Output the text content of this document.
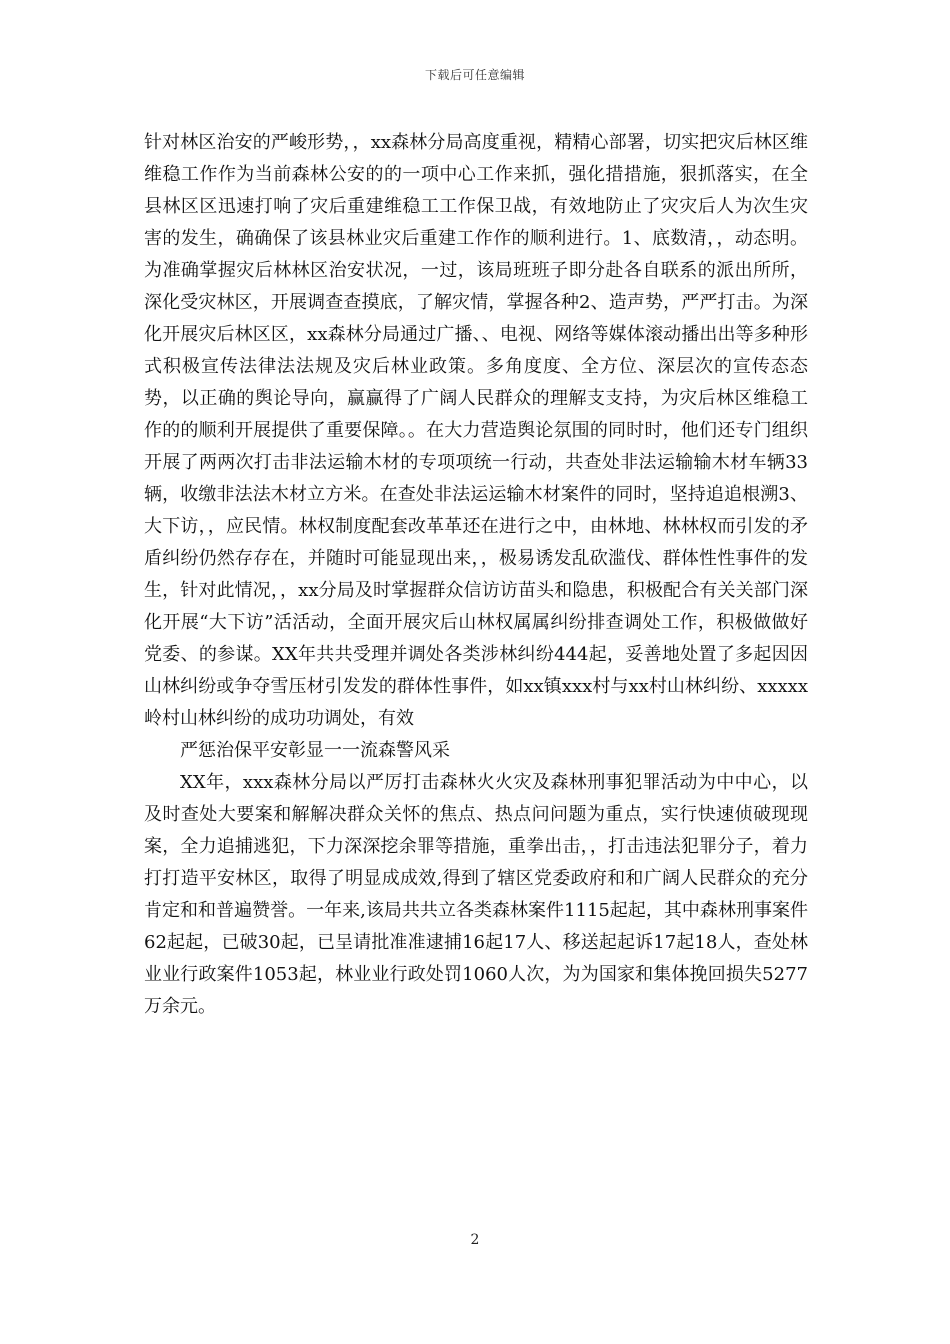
下载后可任意编辑

针对林区治安的严峻形势，，xx森林分局高度重视，精精心部署，切实把灾后林区维维稳工作作为当前森林公安的的一项中心工作来抓，强化措措施，狠抓落实，在全县林区区迅速打响了灾后重建维稳工工作保卫战，有效地防止了灾灾后人为次生灾害的发生，确确保了该县林业灾后重建工作作的顺利进行。1、底数清，，动态明。为准确掌握灾后林林区治安状况，一过，该局班班子即分赴各自联系的派出所所，深化受灾林区，开展调查查摸底，了解灾情，掌握各种2、造声势，严严打击。为深化开展灾后林区区，xx森林分局通过广播、、电视、网络等媒体滚动播出出等多种形式积极宣传法律法法规及灾后林业政策。多角度度、全方位、深层次的宣传态态势，以正确的舆论导向，赢赢得了广阔人民群众的理解支支持，为灾后林区维稳工作的的顺利开展提供了重要保障。。在大力营造舆论氛围的同时时，他们还专门组织开展了两两次打击非法运输木材的专项项统一行动，共查处非法运输输木材车辆33辆，收缴非法法木材立方米。在查处非法运运输木材案件的同时，坚持追追根溯3、大下访，，应民情。林权制度配套改革革还在进行之中，由林地、林林权而引发的矛盾纠纷仍然存存在，并随时可能显现出来，，极易诱发乱砍滥伐、群体性性事件的发生，针对此情况，，xx分局及时掌握群众信访访苗头和隐患，积极配合有关关部门深化开展“大下访”活活动，全面开展灾后山林权属属纠纷排查调处工作，积极做做好党委、的参谋。XX年共共受理并调处各类涉林纠纷444起，妥善地处置了多起因因山林纠纷或争夺雪压材引发发的群体性事件，如xx镇xxx村与xx村山林纠纷、xxxxx岭村山林纠纷的成功功调处，有效

严惩治保平安彰显一一流森警风采

XX年，xxx森林分局以严厉打击森林火火灾及森林刑事犯罪活动为中中心，以及时查处大要案和解解决群众关怀的焦点、热点问问题为重点，实行快速侦破现现案，全力追捕逃犯，下力深深挖余罪等措施，重拳出击，，打击违法犯罪分子，着力打打造平安林区，取得了明显成成效,得到了辖区党委政府和和广阔人民群众的充分肯定和和普遍赞誉。一年来,该局共共立各类森林案件1115起起，其中森林刑事案件62起起，已破30起，已呈请批准准逮捕16起17人、移送起起诉17起18人，查处林业业行政案件1053起，林业业行政处罚1060人次，为为国家和集体挽回损失5277万余元。

2
